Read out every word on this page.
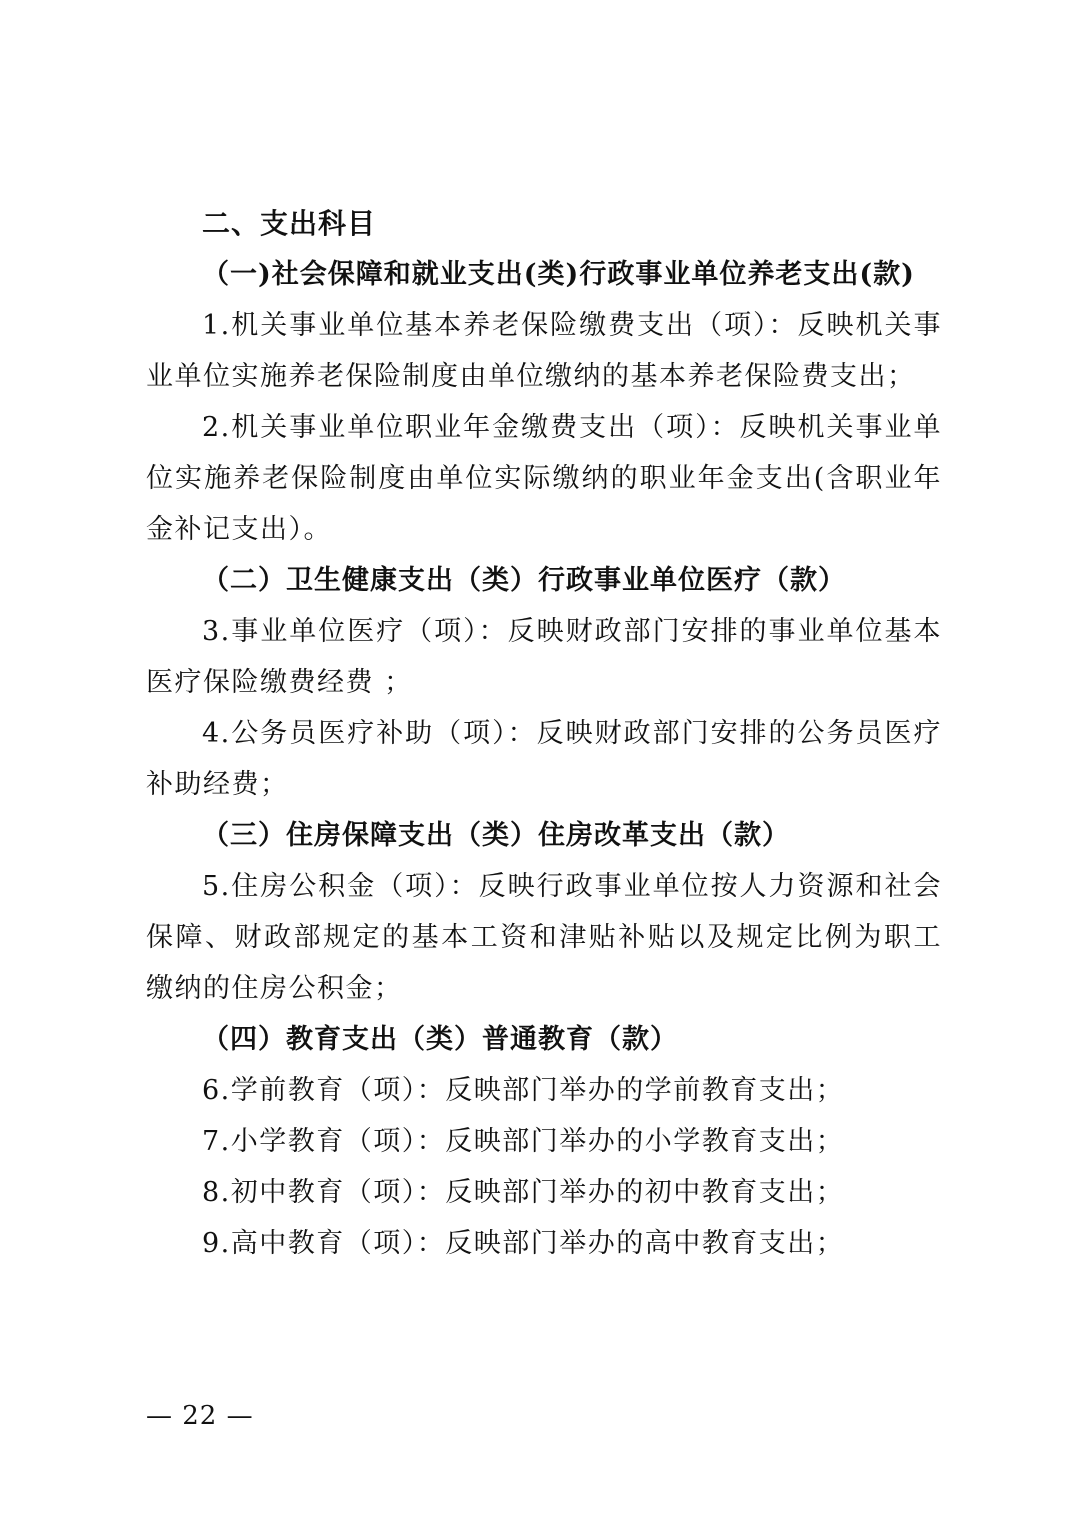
二、支出科目
（一)社会保障和就业支出(类)行政事业单位养老支出(款)
1.机关事业单位基本养老保险缴费支出（项）：反映机关事业单位实施养老保险制度由单位缴纳的基本养老保险费支出；
2.机关事业单位职业年金缴费支出（项）：反映机关事业单位实施养老保险制度由单位实际缴纳的职业年金支出(含职业年金补记支出）。
（二）卫生健康支出（类）行政事业单位医疗（款）
3.事业单位医疗（项）：反映财政部门安排的事业单位基本医疗保险缴费经费 ；
4.公务员医疗补助（项）：反映财政部门安排的公务员医疗补助经费；
（三）住房保障支出（类）住房改革支出（款）
5.住房公积金（项）：反映行政事业单位按人力资源和社会保障、财政部规定的基本工资和津贴补贴以及规定比例为职工缴纳的住房公积金；
（四）教育支出（类）普通教育（款）
6.学前教育（项）：反映部门举办的学前教育支出；
7.小学教育（项）：反映部门举办的小学教育支出；
8.初中教育（项）：反映部门举办的初中教育支出；
9.高中教育（项）：反映部门举办的高中教育支出；
— 22 —
